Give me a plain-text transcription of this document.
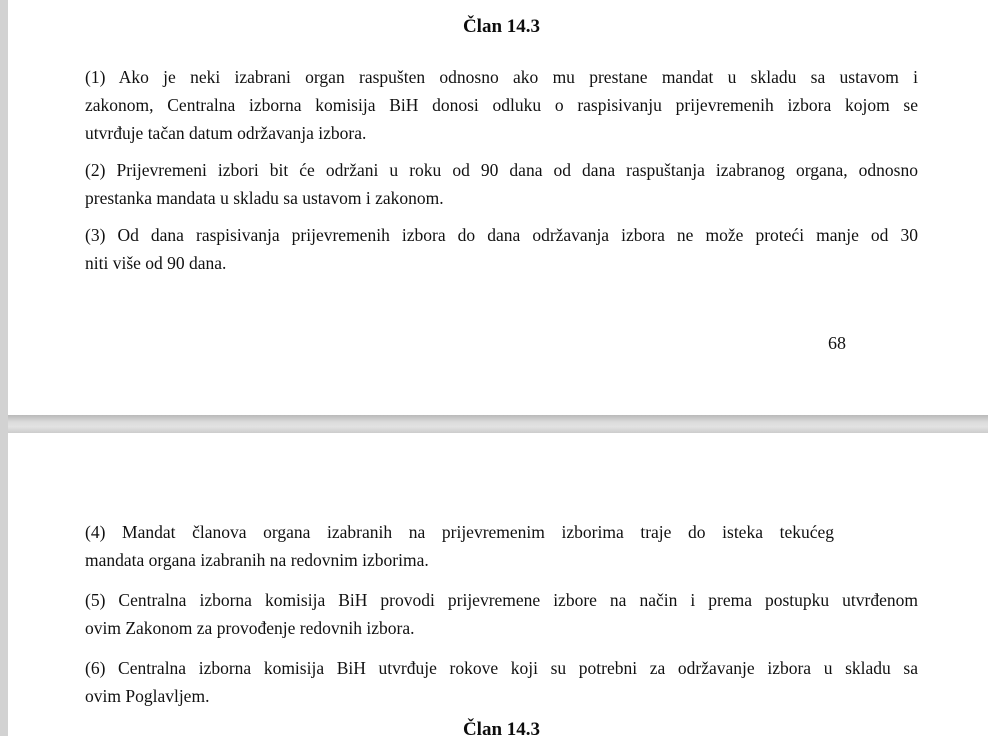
Član 14.3
(1) Ako je neki izabrani organ raspušten odnosno ako mu prestane mandat u skladu sa ustavom i
zakonom, Centralna izborna komisija BiH donosi odluku o raspisivanju prijevremenih izbora kojom se
utvrđuje tačan datum održavanja izbora.
(2) Prijevremeni izbori bit će održani u roku od 90 dana od dana raspuštanja izabranog organa, odnosno
prestanka mandata u skladu sa ustavom i zakonom.
(3) Od dana raspisivanja prijevremenih izbora do dana održavanja izbora ne može proteći manje od 30
niti više od 90 dana.
68
(4) Mandat članova organa izabranih na prijevremenim izborima traje do isteka tekućeg
mandata organa izabranih na redovnim izborima.
(5) Centralna izborna komisija BiH provodi prijevremene izbore na način i prema postupku utvrđenom
ovim Zakonom za provođenje redovnih izbora.
(6) Centralna izborna komisija BiH utvrđuje rokove koji su potrebni za održavanje izbora u skladu sa
ovim Poglavljem.
Član 14.3
